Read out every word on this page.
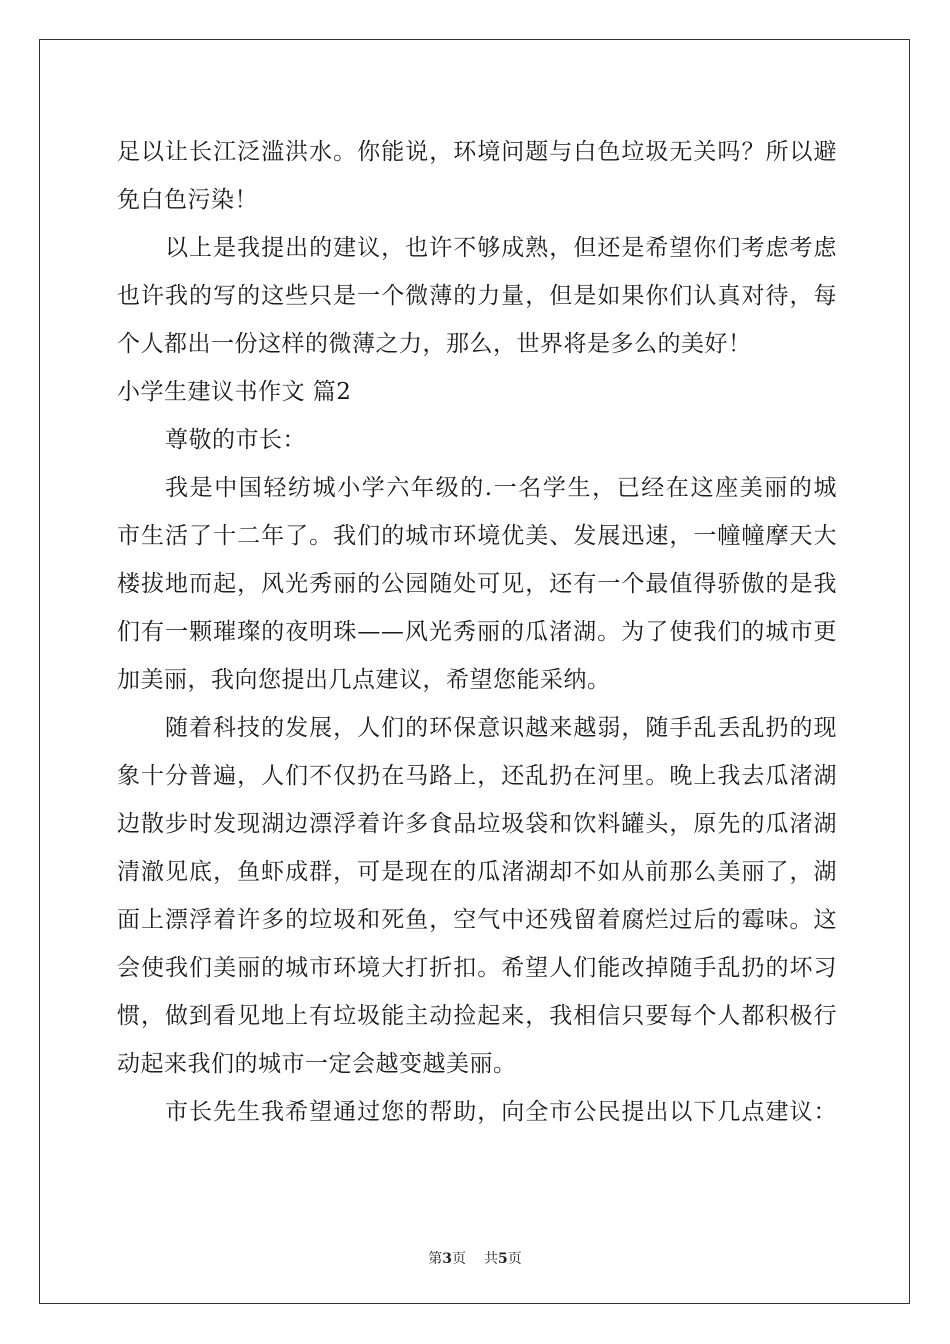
足以让长江泛滥洪水。你能说，环境问题与白色垃圾无关吗？所以避
免白色污染！
以上是我提出的建议，也许不够成熟，但还是希望你们考虑考虑
也许我的写的这些只是一个微薄的力量，但是如果你们认真对待，每
个人都出一份这样的微薄之力，那么，世界将是多么的美好！
小学生建议书作文 篇2
尊敬的市长：
我是中国轻纺城小学六年级的.一名学生，已经在这座美丽的城
市生活了十二年了。我们的城市环境优美、发展迅速，一幢幢摩天大
楼拔地而起，风光秀丽的公园随处可见，还有一个最值得骄傲的是我
们有一颗璀璨的夜明珠——风光秀丽的瓜渚湖。为了使我们的城市更
加美丽，我向您提出几点建议，希望您能采纳。
随着科技的发展，人们的环保意识越来越弱，随手乱丢乱扔的现
象十分普遍，人们不仅扔在马路上，还乱扔在河里。晚上我去瓜渚湖
边散步时发现湖边漂浮着许多食品垃圾袋和饮料罐头，原先的瓜渚湖
清澈见底，鱼虾成群，可是现在的瓜渚湖却不如从前那么美丽了，湖
面上漂浮着许多的垃圾和死鱼，空气中还残留着腐烂过后的霉味。这
会使我们美丽的城市环境大打折扣。希望人们能改掉随手乱扔的坏习
惯，做到看见地上有垃圾能主动捡起来，我相信只要每个人都积极行
动起来我们的城市一定会越变越美丽。
市长先生我希望通过您的帮助，向全市公民提出以下几点建议：
第3页 共5页
